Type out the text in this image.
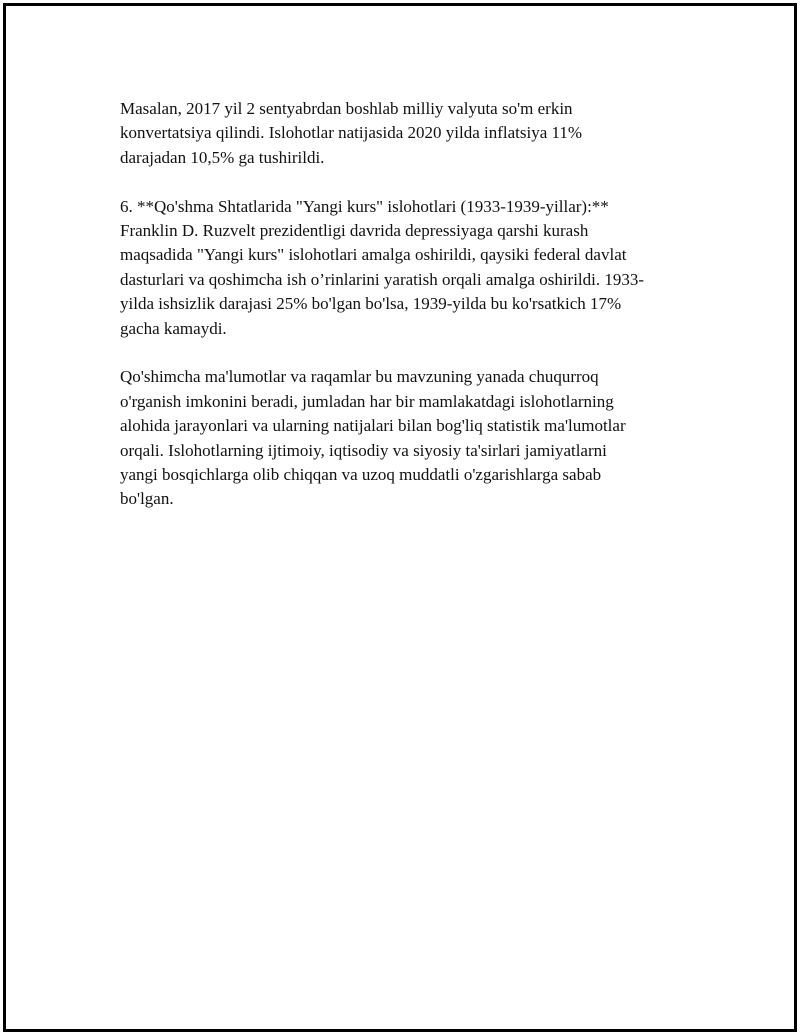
Masalan, 2017 yil 2 sentyabrdan boshlab milliy valyuta so'm erkin
konvertatsiya qilindi. Islohotlar natijasida 2020 yilda inflatsiya 11%
darajadan 10,5% ga tushirildi.

6. **Qo'shma Shtatlarida "Yangi kurs" islohotlari (1933-1939-yillar):**
Franklin D. Ruzvelt prezidentligi davrida depressiyaga qarshi kurash
maqsadida "Yangi kurs" islohotlari amalga oshirildi, qaysiki federal davlat
dasturlari va qoshimcha ish o’rinlarini yaratish orqali amalga oshirildi. 1933-
yilda ishsizlik darajasi 25% bo'lgan bo'lsa, 1939-yilda bu ko'rsatkich 17%
gacha kamaydi.

Qo'shimcha ma'lumotlar va raqamlar bu mavzuning yanada chuqurroq
o'rganish imkonini beradi, jumladan har bir mamlakatdagi islohotlarning
alohida jarayonlari va ularning natijalari bilan bog'liq statistik ma'lumotlar
orqali. Islohotlarning ijtimoiy, iqtisodiy va siyosiy ta'sirlari jamiyatlarni
yangi bosqichlarga olib chiqqan va uzoq muddatli o'zgarishlarga sabab
bo'lgan.
